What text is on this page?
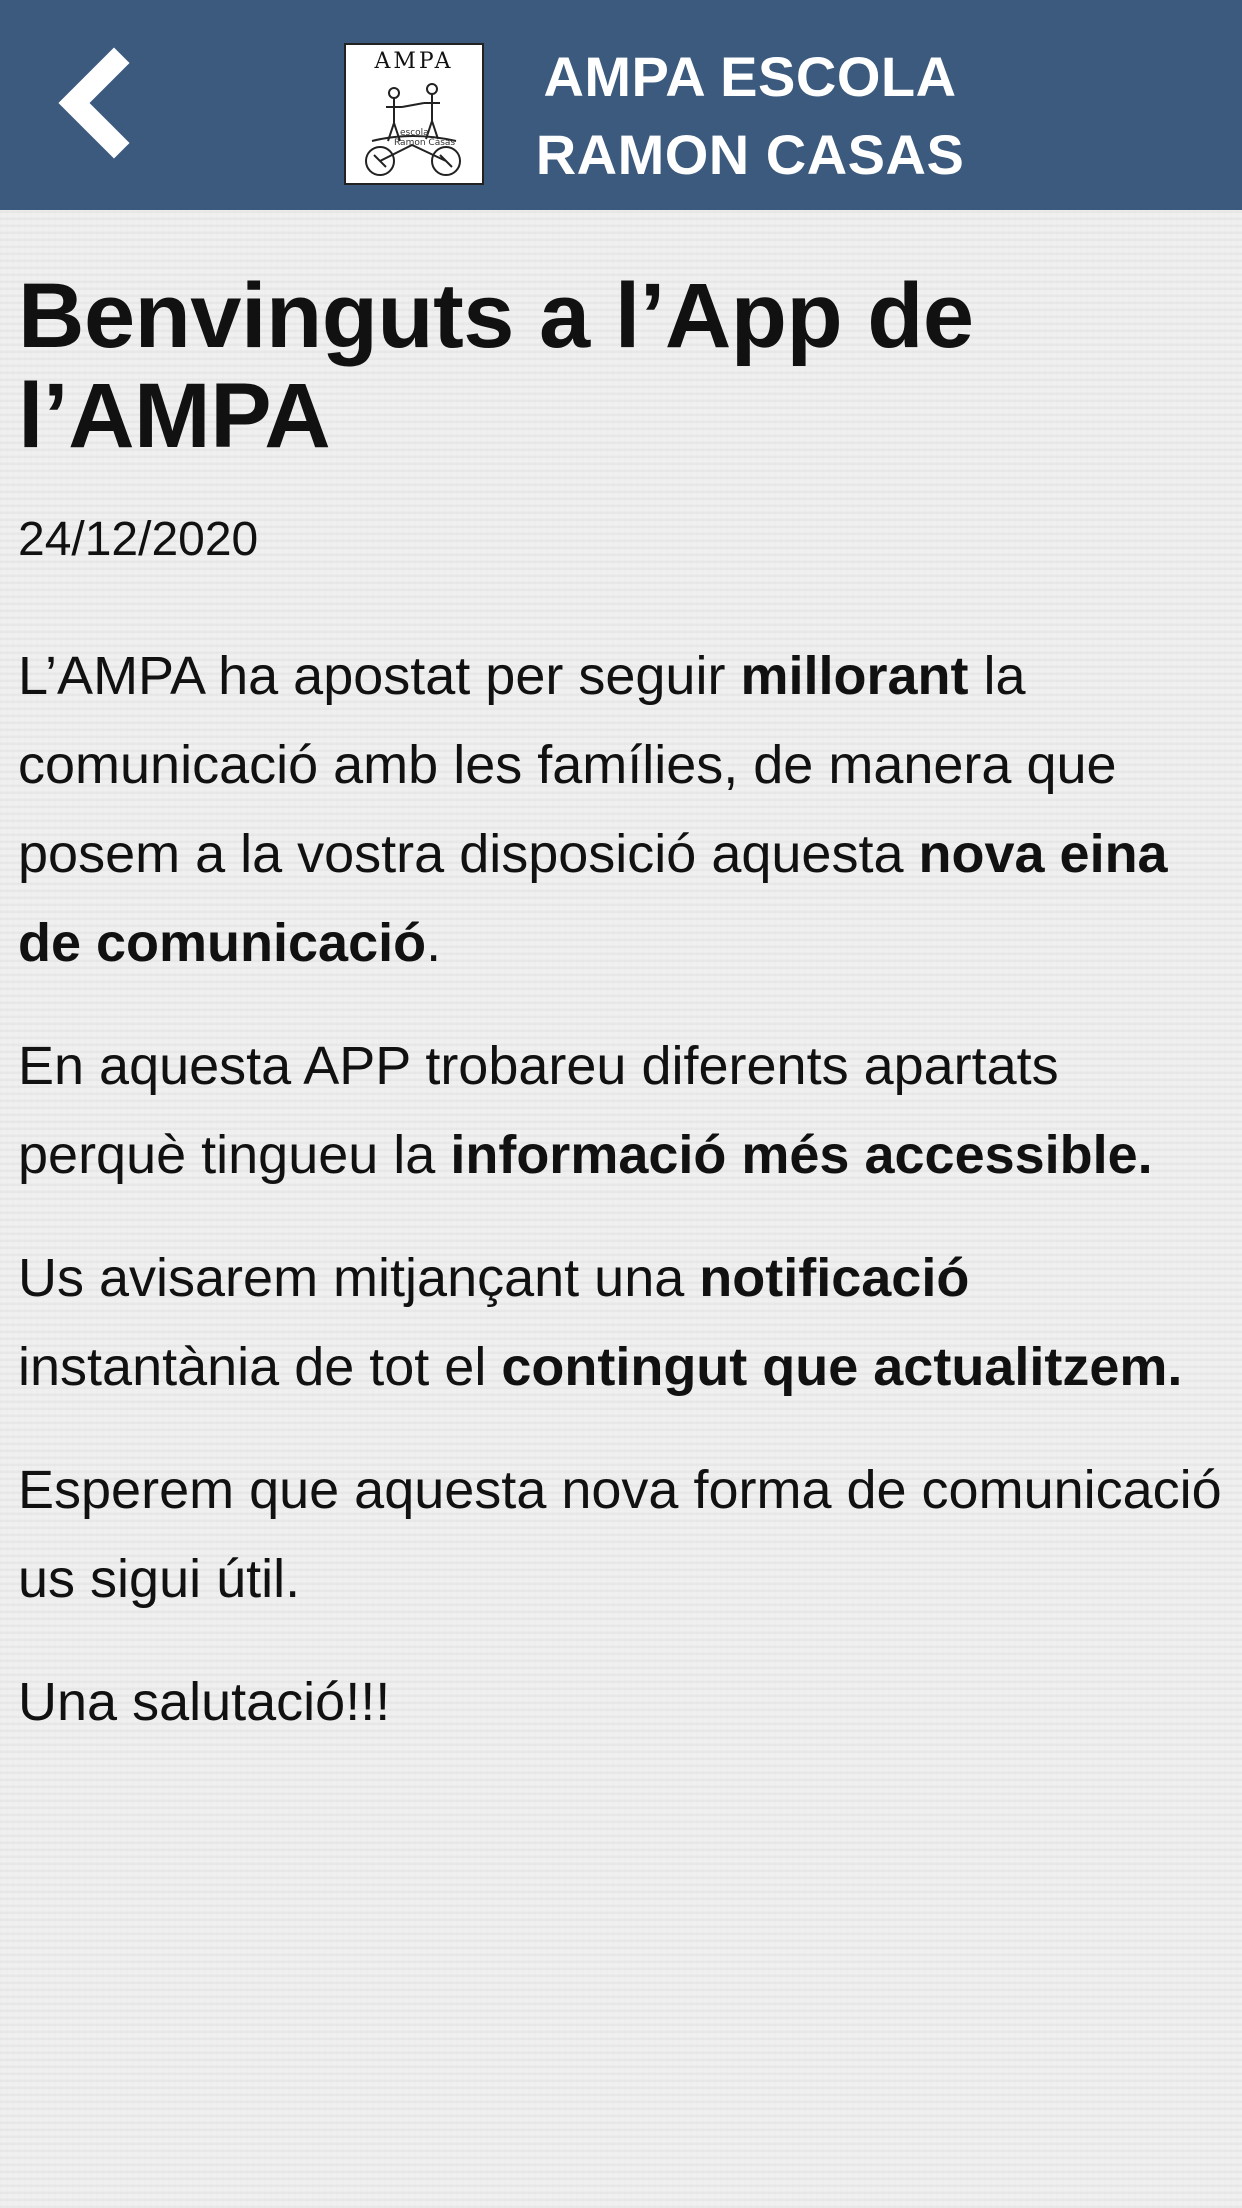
AMPA
escola
Ramon Casas
AMPA ESCOLA
RAMON CASAS
Benvinguts a l’App de
l’AMPA
24/12/2020

L’AMPA ha apostat per seguir millorant la comunicació amb les famílies, de manera que posem a la vostra disposició aquesta nova eina de comunicació.

En aquesta APP trobareu diferents apartats perquè tingueu la informació més accessible.

Us avisarem mitjançant una notificació instantània de tot el contingut que actualitzem.

Esperem que aquesta nova forma de comunicació us sigui útil.

Una salutació!!!
